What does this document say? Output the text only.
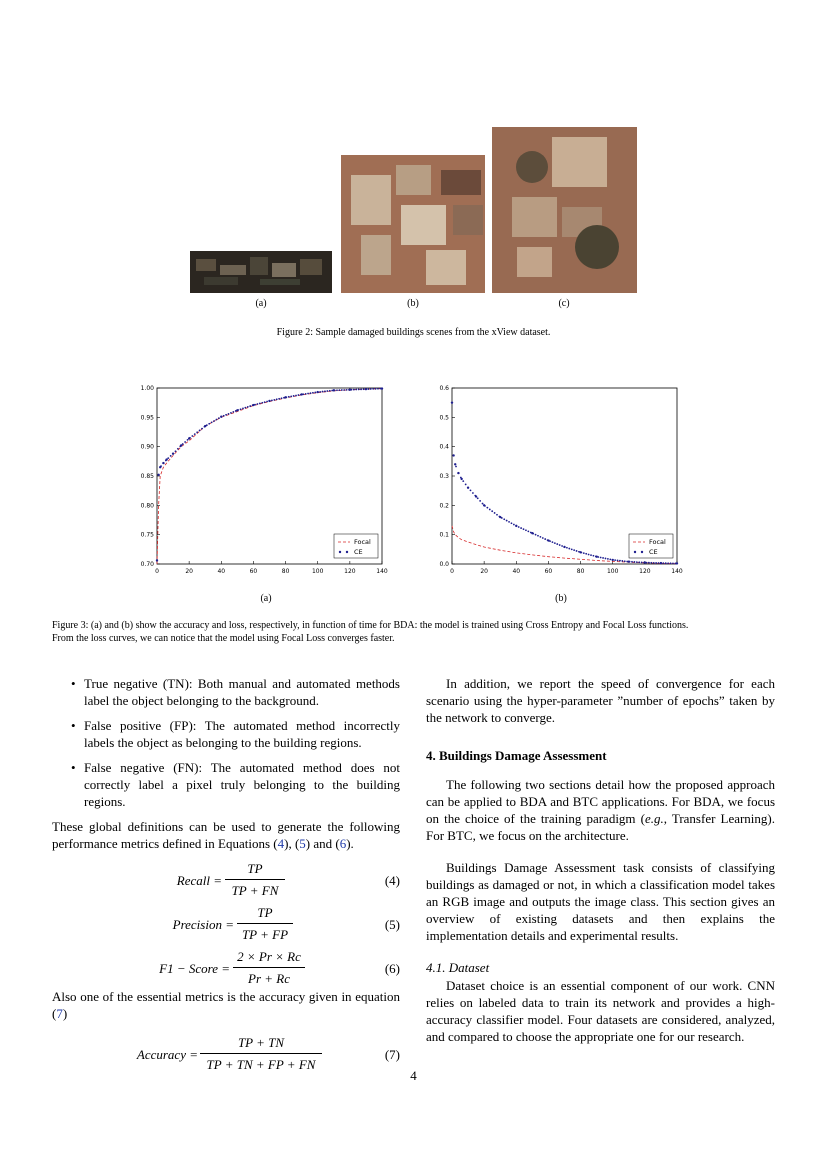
(a)	(b)	(c)
Figure 2: Sample damaged buildings scenes from the xView dataset.
0	20	40	60	80	100	120	140
0.70
0.75
0.80
0.85
0.90
0.95
1.00
Focal
CE
0	20	40	60	80	100	120	140
0.0
0.1
0.2
0.3
0.4
0.5
0.6
Focal
CE
(a)	(b)
Figure 3: (a) and (b) show the accuracy and loss, respectively, in function of time for BDA: the model is trained using Cross Entropy and Focal Loss functions.
From the loss curves, we can notice that the model using Focal Loss converges faster.
• True negative (TN): Both manual and automated methods label the object belonging to the background.
• False positive (FP): The automated method incorrectly labels the object as belonging to the building regions.
• False negative (FN): The automated method does not correctly label a pixel truly belonging to the building regions.

These global definitions can be used to generate the following performance metrics defined in Equations (4), (5) and (6).

Recall = $\frac{TP}{TP + FN}$	(4)
Precision = $\frac{TP}{TP + FP}$	(5)
F1 − Score = $\frac{2 \times Pr \times Rc}{Pr + Rc}$	(6)

Also one of the essential metrics is the accuracy given in equation (7)

Accuracy = $\frac{TP + TN}{TP + TN + FP + FN}$	(7)

In addition, we report the speed of convergence for each scenario using the hyper-parameter ”number of epochs” taken by the network to converge.

4. Buildings Damage Assessment

The following two sections detail how the proposed approach can be applied to BDA and BTC applications. For BDA, we focus on the choice of the training paradigm (e.g., Transfer Learning). For BTC, we focus on the architecture.

Buildings Damage Assessment task consists of classifying buildings as damaged or not, in which a classification model takes an RGB image and outputs the image class. This section gives an overview of existing datasets and then explains the implementation details and experimental results.

4.1. Dataset

Dataset choice is an essential component of our work. CNN relies on labeled data to train its network and provides a high-accuracy classifier model. Four datasets are considered, analyzed, and compared to choose the appropriate one for our research.

4
